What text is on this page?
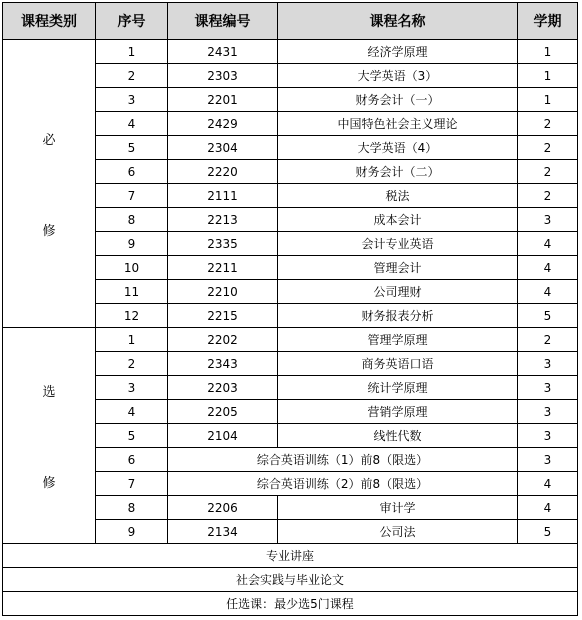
课程类别	序号	课程编号	课程名称	学期

必
修	1	2431	经济学原理	1
	2	2303	大学英语（3）	1
	3	2201	财务会计（一）	1
	4	2429	中国特色社会主义理论	2
	5	2304	大学英语（4）	2
	6	2220	财务会计（二）	2
	7	2111	税法	2
	8	2213	成本会计	3
	9	2335	会计专业英语	4
	10	2211	管理会计	4
	11	2210	公司理财	4
	12	2215	财务报表分析	5

选
修	1	2202	管理学原理	2
	2	2343	商务英语口语	3
	3	2203	统计学原理	3
	4	2205	营销学原理	3
	5	2104	线性代数	3
	6	综合英语训练（1）前8（限选）		3
	7	综合英语训练（2）前8（限选）		4
	8	2206	审计学	4
	9	2134	公司法	5
专业讲座				
社会实践与毕业论文				
任选课：最少选5门课程				
